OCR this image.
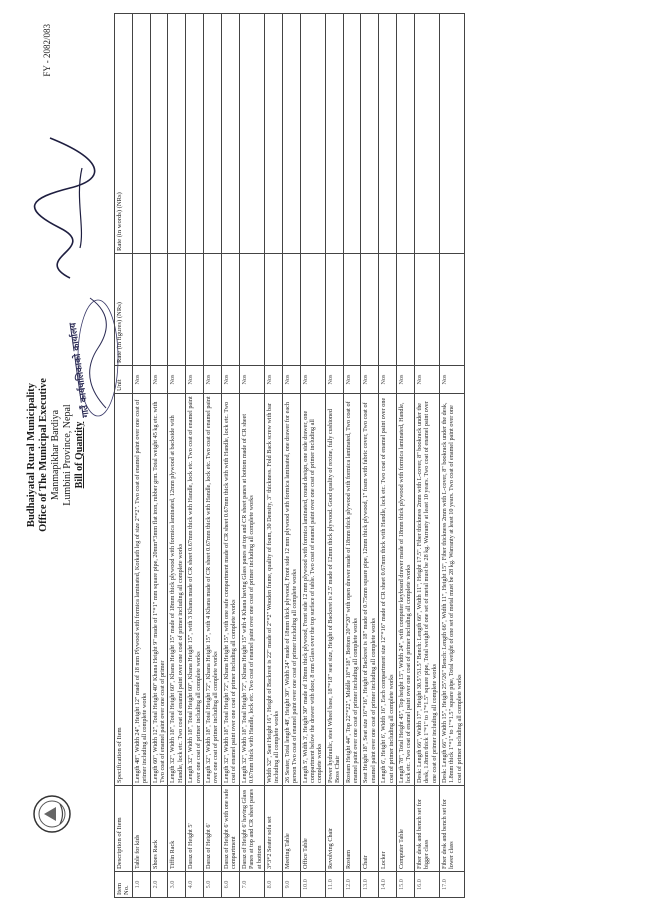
Budhaiyatal Rural Municipality Office of The Municipal Executive Manmapikhar Bardiya Lumbini Province, Nepal Bill of Quantity
FY - 2082/083
गाउँ कार्यपालिकाको कार्यालय
Item No.	Description of Item	Specification of Item	Unit	Rate (in figures) (NRs)	Rate (in words) (NRs)
1.0	Table for kids	Length 48", Width 24", Height 12" made of 18 mm Plywood with formica laminated, Korkath leg of size 2"*2". Two coat of enamel paint over one coat of primer including all complete works	Nos		
2.0	Shoes Rack	Length 60", Width 12", Total Height 40" Khana Height 9" made of 1"*1" mm square pipe, 20mm*3mm flat iron, rubber grm. Total weight 45 kg etc. with Two coat of enamel paint over one coat of primer	Nos		
3.0	Tiffin Rack	Length 32", Width 18", Total Height 60", Khana Height 15" made of 18mm thick plywood with formica laminated, 12mm plywood at backside with Handle, lock etc. Two coat of enamel paint over one coat of primer including all complete works	Nos		
4.0	Daraz of Height 5'	Length 32", Width 18", Total Height 60", Khana Height 15", with 3 Khana made of CR sheet 0.67mm thick with Handle, lock etc. Two coat of enamel paint over one coat of primer including all complete works	Nos		
5.0	Daraz of Height 6'	Length 32", Width 18", Total Height 72", Khana Height 15", with 4 Khana made of CR sheet 0.67mm thick with Handle, lock etc. Two coat of enamel paint over one coat of primer including all complete works	Nos		
6.0	Daraz of Height 6' with one safe compartment	Length 32", Width 18", Total Height 72", Khana Height 15", with one safe compartment made of CR sheet 0.67mm thick with with Handle, lock etc. Two coat of enamel paint over one coat of primer including all complete works	Nos		
7.0	Daraz of Height 6' having Glass Panes at top and CR sheet panes at bottom	Length 32", Width 18", Total Height 72", Khana Height 15" with 4 Khana having Glass panes at top and CR sheet panes at bottom made of CR sheet 0.67mm thick with Handle, lock etc. Two coat of enamel paint over one coat of primer including all complete works	Nos		
8.0	3*3*2 Seater sofa set	Width 32", Seat Height 16", Height of Backrest is 22" made of 2"*2" Wooden frame, quality of foam, 30 Density, 3" thickness. Fold Back screw with bar including all complete works	Nos		
9.0	Meeting Table	26 Seater, Total length 48', Height 30", Width 24" made of 18mm thick plywood, Front side 12 mm plywood with formica laminated, one drawer for each person Two coat of enamel paint over one coat of primer including all complete works	Nos		
10.0	Office Table	Length 5', Width 3', Height 30" made of 18mm thick plywood, Front side 12 mm plywood with formica laminated, round design, one side drawer, one compartment below the drawer with door, 8 mm Glass over the top surface of table. Two coat of enamel paint over one coat of primer including all complete works	Nos		
11.0	Revolving Chair	Power hydraulic, steel Wheel base, 18"*18" seat size, Height of Backrest is 2.5' made of 12mm thick plywood. Good quality of rexine, fully cushioned Boss Chair	Nos		
12.0	Rostam	Rostam Height 44", Top 22"*22", Middle 18"*18", Bottom 20"*20" with open drawer made of 18mm thick plywood with formica laminated, Two coat of enamel paint over one coat of primer including all complete works	Nos		
13.0	Chair	Seat Height 18", Seat size 16"*16", Height of Backrest is 18" made of 0.75mm square pipe, 12mm thick plywood, 1" foam with fabric cover, Two coat of enamel paint over one coat of primer including all complete works	Nos		
14.0	Locker	Length 6', Height 6', Width 16", Each compartment size 12"*16" made of CR sheet 0.67mm thick with Handle, lock etc. Two coat of enamel paint over one coat of primer including all complete works	Nos		
15.0	Computer Table	Length 78", Total Height 45", Top height 15", Width 24", with computer keyboard drawer made of 18mm thick plywood with formica laminated, Handle, lock etc. Two coat of enamel paint over one coat of primer including all complete works	Nos		
16.0	Fiber desk and bench set for bigger class	Desk: Length 66", Width 17", Height 30.5"/31.5" Bench: Length 66", Width 11", Height 17.5". Fiber thickness 2mm with L-cover, 8" bookrack under the desk, 1.8mm thick 1"*1" to 1"*1.5" square pipe, Total weight of one set of metal must be 28 kg. Warranty at least 10 years. Two coat of enamel paint over one coat of primer including all complete works	Nos		
17.0	Fiber desk and bench set for lower class	Desk: Length 66", Width 15", Height 25"/26" Bench: Length 66", Width 11", Height 15", Fiber thickness 2mm with L-cover, 8" bookrack under the desk, 1.8mm thick 1"*1" to 1"*1.5" square pipe, Total weight of one set of metal must be 28 kg. Warranty at least 10 years. Two coat of enamel paint over one coat of primer including all complete works	Nos		
